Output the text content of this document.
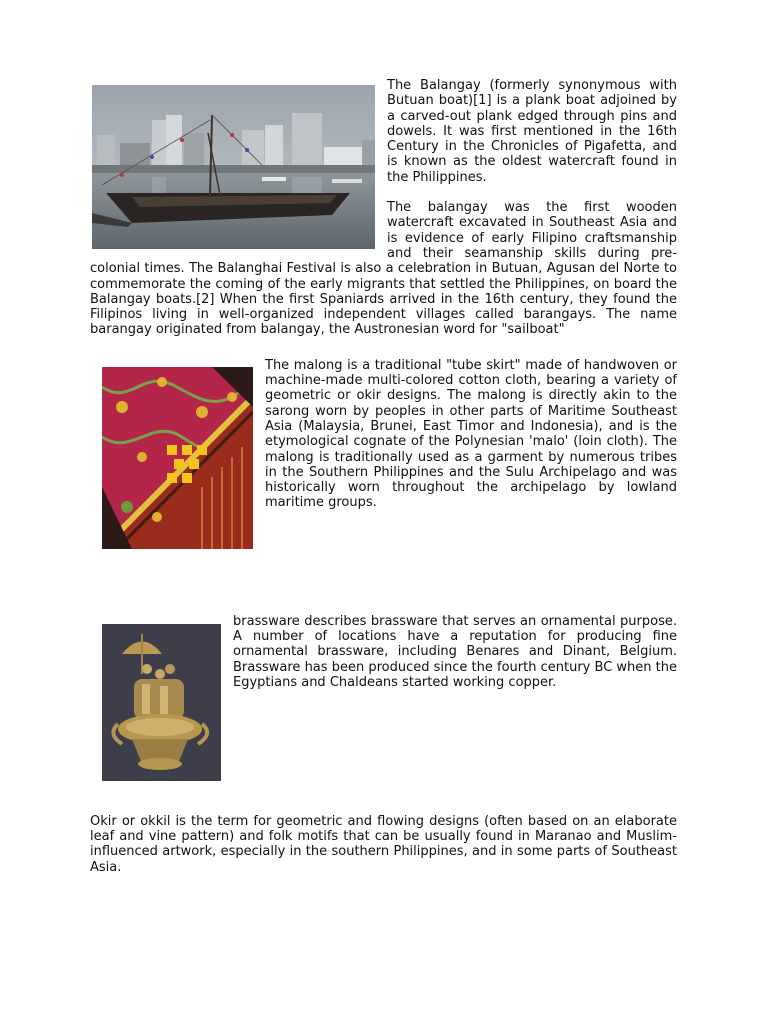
The Balangay (formerly synonymous with Butuan boat)[1] is a plank boat adjoined by a carved-out plank edged through pins and dowels. It was first mentioned in the 16th Century in the Chronicles of Pigafetta, and is known as the oldest watercraft found in the Philippines.

The balangay was the first wooden watercraft excavated in Southeast Asia and is evidence of early Filipino craftsmanship and their seamanship skills during pre-colonial times. The Balanghai Festival is also a celebration in Butuan, Agusan del Norte to commemorate the coming of the early migrants that settled the Philippines, on board the Balangay boats.[2] When the first Spaniards arrived in the 16th century, they found the Filipinos living in well-organized independent villages called barangays. The name barangay originated from balangay, the Austronesian word for "sailboat"

The malong is a traditional "tube skirt" made of handwoven or machine-made multi-colored cotton cloth, bearing a variety of geometric or okir designs. The malong is directly akin to the sarong worn by peoples in other parts of Maritime Southeast Asia (Malaysia, Brunei, East Timor and Indonesia), and is the etymological cognate of the Polynesian 'malo' (loin cloth). The malong is traditionally used as a garment by numerous tribes in the Southern Philippines and the Sulu Archipelago and was historically worn throughout the archipelago by lowland maritime groups.

brassware describes brassware that serves an ornamental purpose. A number of locations have a reputation for producing fine ornamental brassware, including Benares and Dinant, Belgium. Brassware has been produced since the fourth century BC when the Egyptians and Chaldeans started working copper.

Okir or okkil is the term for geometric and flowing designs (often based on an elaborate leaf and vine pattern) and folk motifs that can be usually found in Maranao and Muslim-influenced artwork, especially in the southern Philippines, and in some parts of Southeast Asia.
